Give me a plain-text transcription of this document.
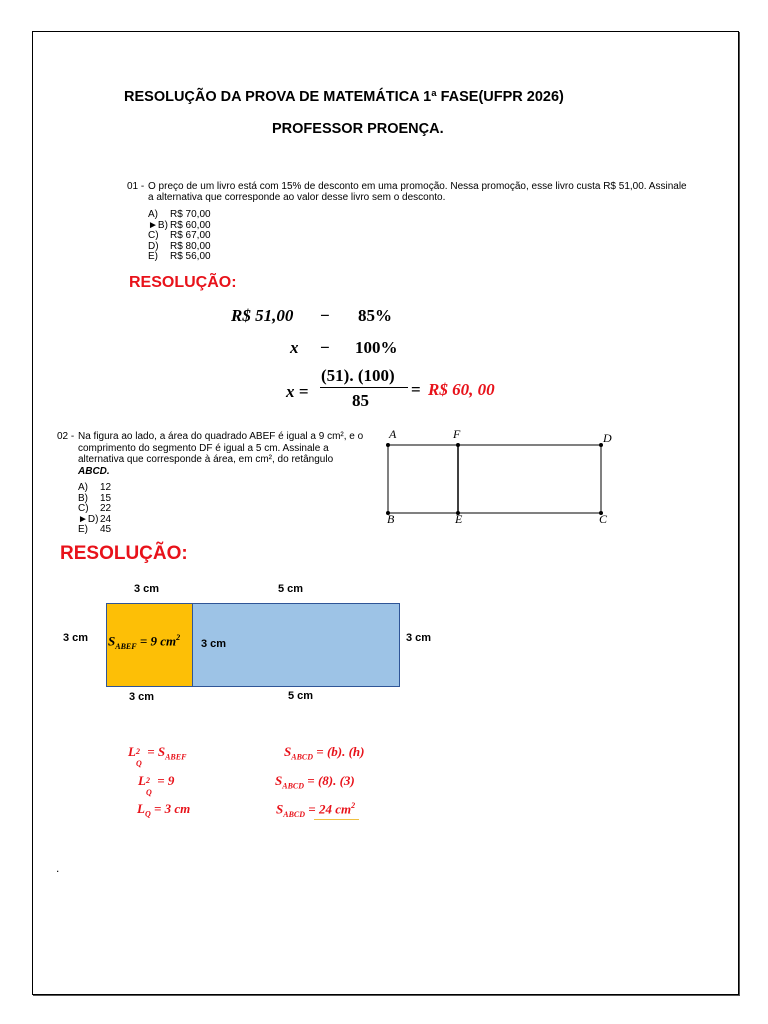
RESOLUÇÃO DA PROVA DE MATEMÁTICA 1ª FASE(UFPR 2026)
PROFESSOR PROENÇA.
01 - O preço de um livro está com 15% de desconto em uma promoção. Nessa promoção, esse livro custa R$ 51,00. Assinale
a alternativa que corresponde ao valor desse livro sem o desconto.
A) R$ 70,00
►B) R$ 60,00
C) R$ 67,00
D) R$ 80,00
E) R$ 56,00
RESOLUÇÃO:
R$ 51,00 − 85%
x − 100%
x =
(51). (100)
85
= R$ 60, 00
02 - Na figura ao lado, a área do quadrado ABEF é igual a 9 cm², e o
comprimento do segmento DF é igual a 5 cm. Assinale a
alternativa que corresponde à área, em cm², do retângulo
ABCD.
A) 12
B) 15
C) 22
►D) 24
E) 45
A	F	D
B	E	C
RESOLUÇÃO:
3 cm	5 cm
3 cm $S_{ABEF} = 9$ $cm^2$
3 cm	3 cm
3 cm	5 cm
L 2
Q
= $S_{ABEF}$
L 2
Q
= 9
$L_Q = 3$ cm
$S_{ABCD} = (b)$. (h)
$S_{ABCD} = (8)$. (3)
$S_{ABCD} = 24$ $cm^2$
.
